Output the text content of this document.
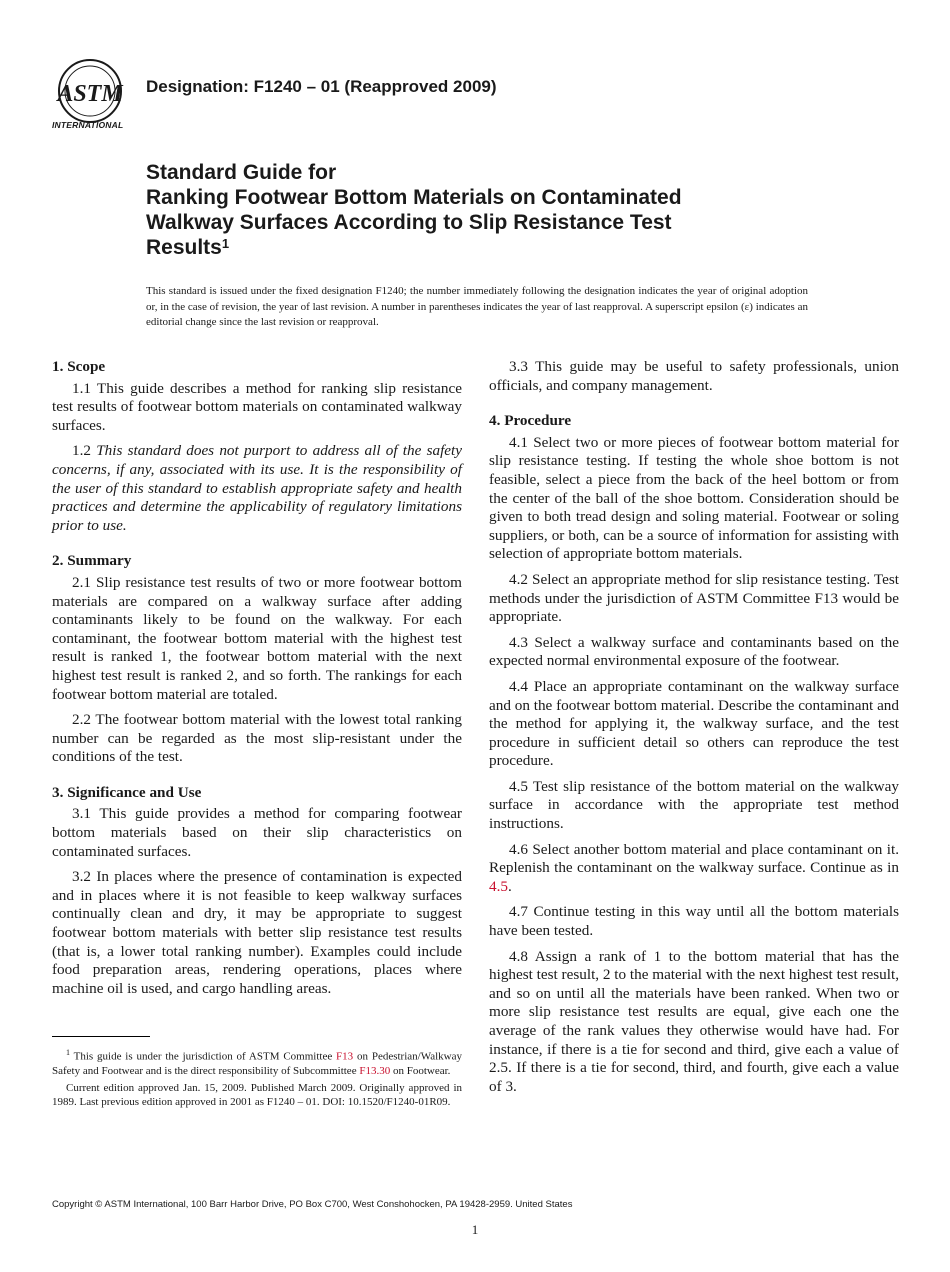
ASTM
INTERNATIONAL
Designation: F1240 – 01 (Reapproved 2009)
Standard Guide for
Ranking Footwear Bottom Materials on Contaminated
Walkway Surfaces According to Slip Resistance Test
Results$^1$
This standard is issued under the fixed designation F1240; the number immediately following the designation indicates the year of original adoption or, in the case of revision, the year of last revision. A number in parentheses indicates the year of last reapproval. A superscript epsilon (ε) indicates an editorial change since the last revision or reapproval.
1. Scope

1.1 This guide describes a method for ranking slip resistance test results of footwear bottom materials on contaminated walkway surfaces.

1.2 This standard does not purport to address all of the safety concerns, if any, associated with its use. It is the responsibility of the user of this standard to establish appropriate safety and health practices and determine the applicability of regulatory limitations prior to use.

2. Summary

2.1 Slip resistance test results of two or more footwear bottom materials are compared on a walkway surface after adding contaminants likely to be found on the walkway. For each contaminant, the footwear bottom material with the highest test result is ranked 1, the footwear bottom material with the next highest test result is ranked 2, and so forth. The rankings for each footwear bottom material are totaled.

2.2 The footwear bottom material with the lowest total ranking number can be regarded as the most slip-resistant under the conditions of the test.

3. Significance and Use

3.1 This guide provides a method for comparing footwear bottom materials based on their slip characteristics on contaminated surfaces.

3.2 In places where the presence of contamination is expected and in places where it is not feasible to keep walkway surfaces continually clean and dry, it may be appropriate to suggest footwear bottom materials with better slip resistance test results (that is, a lower total ranking number). Examples could include food preparation areas, rendering operations, places where machine oil is used, and cargo handling areas.

3.3 This guide may be useful to safety professionals, union officials, and company management.

4. Procedure

4.1 Select two or more pieces of footwear bottom material for slip resistance testing. If testing the whole shoe bottom is not feasible, select a piece from the back of the heel bottom or from the center of the ball of the shoe bottom. Consideration should be given to both tread design and soling material. Footwear or soling suppliers, or both, can be a source of information for assisting with selection of appropriate bottom materials.

4.2 Select an appropriate method for slip resistance testing. Test methods under the jurisdiction of ASTM Committee F13 would be appropriate.

4.3 Select a walkway surface and contaminants based on the expected normal environmental exposure of the footwear.

4.4 Place an appropriate contaminant on the walkway surface and on the footwear bottom material. Describe the contaminant and the method for applying it, the walkway surface, and the test procedure in sufficient detail so others can reproduce the test procedure.

4.5 Test slip resistance of the bottom material on the walkway surface in accordance with the appropriate test method instructions.

4.6 Select another bottom material and place contaminant on it. Replenish the contaminant on the walkway surface. Continue as in 4.5.

4.7 Continue testing in this way until all the bottom materials have been tested.

4.8 Assign a rank of 1 to the bottom material that has the highest test result, 2 to the material with the next highest test result, and so on until all the materials have been ranked. When two or more slip resistance test results are equal, give each one the average of the rank values they otherwise would have had. For instance, if there is a tie for second and third, give each a value of 2.5. If there is a tie for second, third, and fourth, give each a value of 3.

$^1$ This guide is under the jurisdiction of ASTM Committee F13 on Pedestrian/Walkway Safety and Footwear and is the direct responsibility of Subcommittee F13.30 on Footwear.

Current edition approved Jan. 15, 2009. Published March 2009. Originally approved in 1989. Last previous edition approved in 2001 as F1240 – 01. DOI: 10.1520/F1240-01R09.

Copyright © ASTM International, 100 Barr Harbor Drive, PO Box C700, West Conshohocken, PA 19428-2959. United States
1
